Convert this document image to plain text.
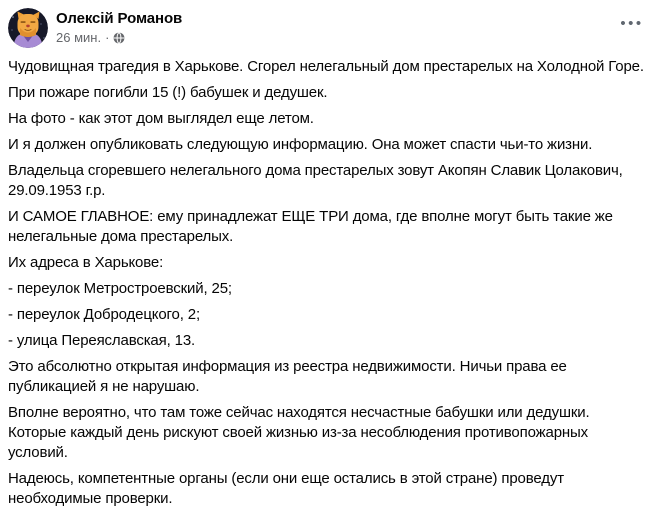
Олексій Романов
26 мин. ·
•••

Чудовищная трагедия в Харькове. Сгорел нелегальный дом престарелых на Холодной Горе.

При пожаре погибли 15 (!) бабушек и дедушек.

На фото - как этот дом выглядел еще летом.

И я должен опубликовать следующую информацию. Она может спасти чьи-то жизни.

Владельца сгоревшего нелегального дома престарелых зовут Акопян Славик Цолакович, 29.09.1953 г.р.

И САМОЕ ГЛАВНОЕ: ему принадлежат ЕЩЕ ТРИ дома, где вполне могут быть такие же нелегальные дома престарелых.

Их адреса в Харькове:

- переулок Метростроевский, 25;

- переулок Добродецкого, 2;

- улица Переяславская, 13.

Это абсолютно открытая информация из реестра недвижимости. Ничьи права ее публикацией я не нарушаю.

Вполне вероятно, что там тоже сейчас находятся несчастные бабушки или дедушки. Которые каждый день рискуют своей жизнью из-за несоблюдения противопожарных условий.

Надеюсь, компетентные органы (если они еще остались в этой стране) проведут необходимые проверки.
